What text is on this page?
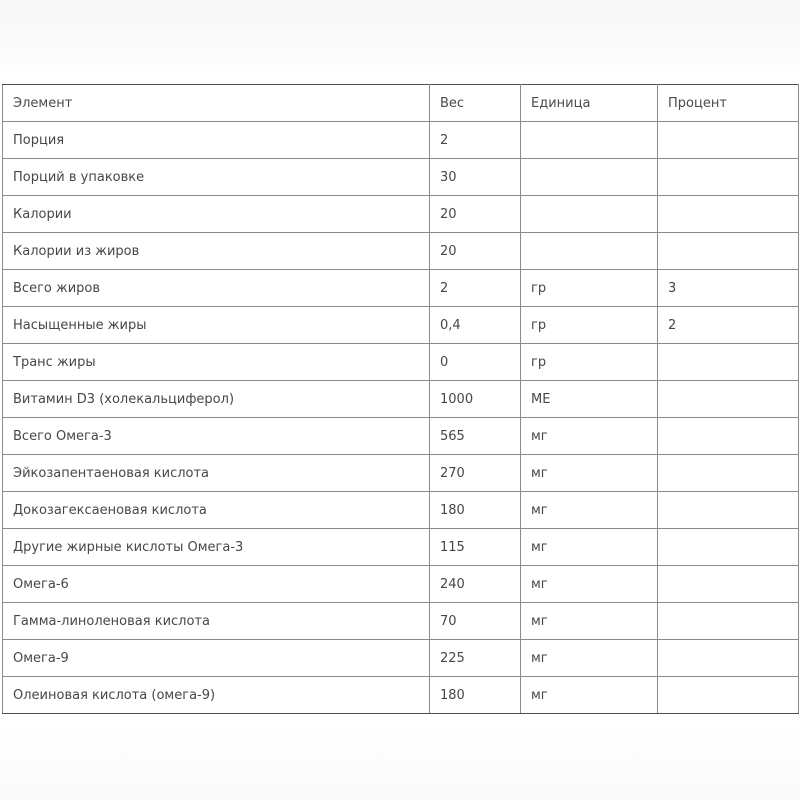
Элемент	Вес	Единица	Процент
Порция	2		
Порций в упаковке	30		
Калории	20		
Калории из жиров	20		
Всего жиров	2	гр	3
Насыщенные жиры	0,4	гр	2
Транс жиры	0	гр	
Витамин D3 (холекальциферол)	1000	МЕ	
Всего Омега-3	565	мг	
Эйкозапентаеновая кислота	270	мг	
Докозагексаеновая кислота	180	мг	
Другие жирные кислоты Омега-3	115	мг	
Омега-6	240	мг	
Гамма-линоленовая кислота	70	мг	
Омега-9	225	мг	
Олеиновая кислота (омега-9)	180	мг	
